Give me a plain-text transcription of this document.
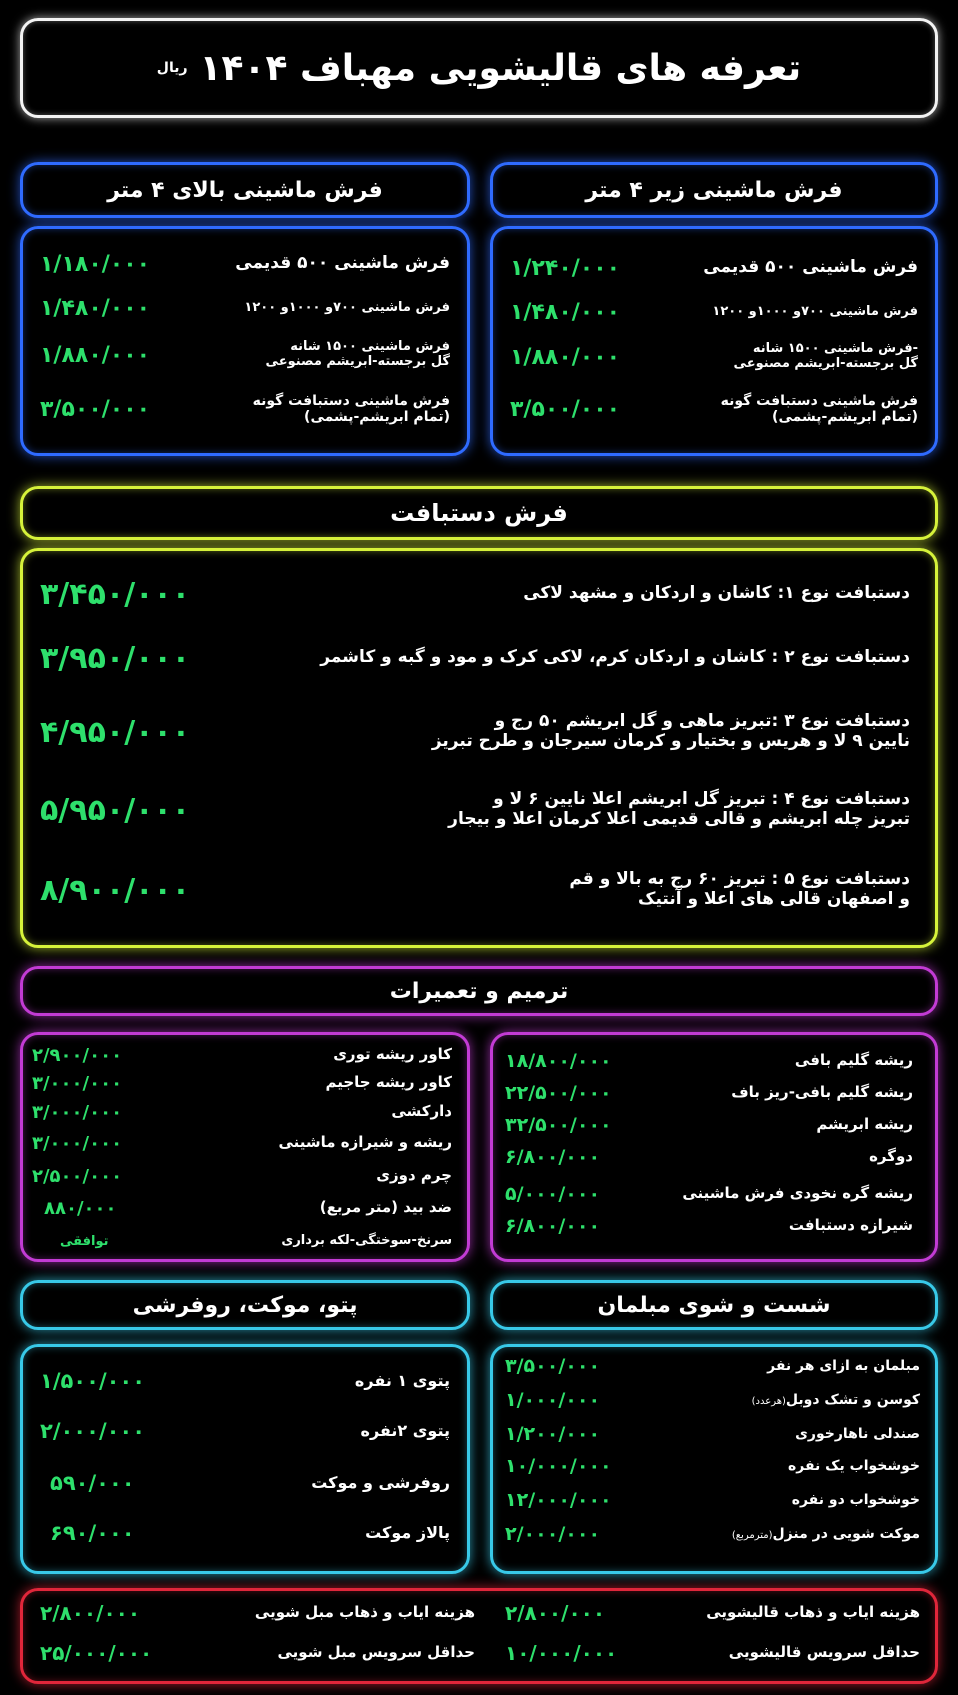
تعرفه های قالیشویی مهباف ۱۴۰۴
ریال
فرش ماشینی زیر ۴ متر
فرش ماشینی بالای ۴ متر
فرش ماشینی ۵۰۰ قدیمی
۱/۲۴۰/۰۰۰
فرش ماشینی ۷۰۰و ۱۰۰۰و ۱۲۰۰
۱/۴۸۰/۰۰۰
-فرش ماشینی ۱۵۰۰ شانه
گل برجسته-ابریشم مصنوعی
۱/۸۸۰/۰۰۰
فرش ماشینی دستبافت گونه
(تمام ابریشم-پشمی)
۳/۵۰۰/۰۰۰
فرش ماشینی ۵۰۰ قدیمی
۱/۱۸۰/۰۰۰
فرش ماشینی ۷۰۰و ۱۰۰۰و ۱۲۰۰
۱/۴۸۰/۰۰۰
فرش ماشینی ۱۵۰۰ شانه
گل برجسته-ابریشم مصنوعی
۱/۸۸۰/۰۰۰
فرش ماشینی دستبافت گونه
(تمام ابریشم-پشمی)
۳/۵۰۰/۰۰۰
فرش دستبافت
دستبافت نوع ۱: کاشان و اردکان و مشهد لاکی
۳/۴۵۰/۰۰۰
دستبافت نوع ۲ : کاشان و اردکان کرم، لاکی کرک و مود و گبه و کاشمر
۳/۹۵۰/۰۰۰
دستبافت نوع ۳ :تبریز ماهی و گل ابریشم ۵۰ رج و
نایین ۹ لا و هریس و بختیار و کرمان سیرجان و طرح تبریز
۴/۹۵۰/۰۰۰
دستبافت نوع ۴ : تبریز گل ابریشم اعلا نایین ۶ لا و
تبریز چله ابریشم و قالی قدیمی اعلا کرمان اعلا و بیجار
۵/۹۵۰/۰۰۰
دستبافت نوع ۵ : تبریز ۶۰ رج به بالا و قم
و اصفهان قالی های اعلا و آنتیک
۸/۹۰۰/۰۰۰
ترمیم و تعمیرات
ریشه گلیم بافی
۱۸/۸۰۰/۰۰۰
ریشه گلیم بافی-ریز باف
۲۲/۵۰۰/۰۰۰
ریشه ابریشم
۳۲/۵۰۰/۰۰۰
دوگره
۶/۸۰۰/۰۰۰
ریشه گره نخودی فرش ماشینی
۵/۰۰۰/۰۰۰
شیرازه دستبافت
۶/۸۰۰/۰۰۰
کاور ریشه توری
۲/۹۰۰/۰۰۰
کاور ریشه جاجیم
۳/۰۰۰/۰۰۰
دارکشی
۳/۰۰۰/۰۰۰
ریشه و شیرازه ماشینی
۳/۰۰۰/۰۰۰
چرم دوزی
۲/۵۰۰/۰۰۰
ضد بید (متر مربع)
۸۸۰/۰۰۰
سرنخ-سوختگی-لکه برداری
توافقی
شست و شوی مبلمان
پتو، موکت، روفرشی
مبلمان به ازای هر نفر
۳/۵۰۰/۰۰۰
کوسن و تشک دوبل(هرعدد)
۱/۰۰۰/۰۰۰
صندلی ناهارخوری
۱/۲۰۰/۰۰۰
خوشخواب یک نفره
۱۰/۰۰۰/۰۰۰
خوشخواب دو نفره
۱۲/۰۰۰/۰۰۰
موکت شویی در منزل(مترمربع)
۲/۰۰۰/۰۰۰
پتوی ۱ نفره
۱/۵۰۰/۰۰۰
پتوی ۲نفره
۲/۰۰۰/۰۰۰
روفرشی و موکت
۵۹۰/۰۰۰
پالاز موکت
۶۹۰/۰۰۰
هزینه ایاب و ذهاب قالیشویی
۲/۸۰۰/۰۰۰
حداقل سرویس قالیشویی
۱۰/۰۰۰/۰۰۰
هزینه ایاب و ذهاب مبل شویی
۲/۸۰۰/۰۰۰
حداقل سرویس مبل شویی
۲۵/۰۰۰/۰۰۰
